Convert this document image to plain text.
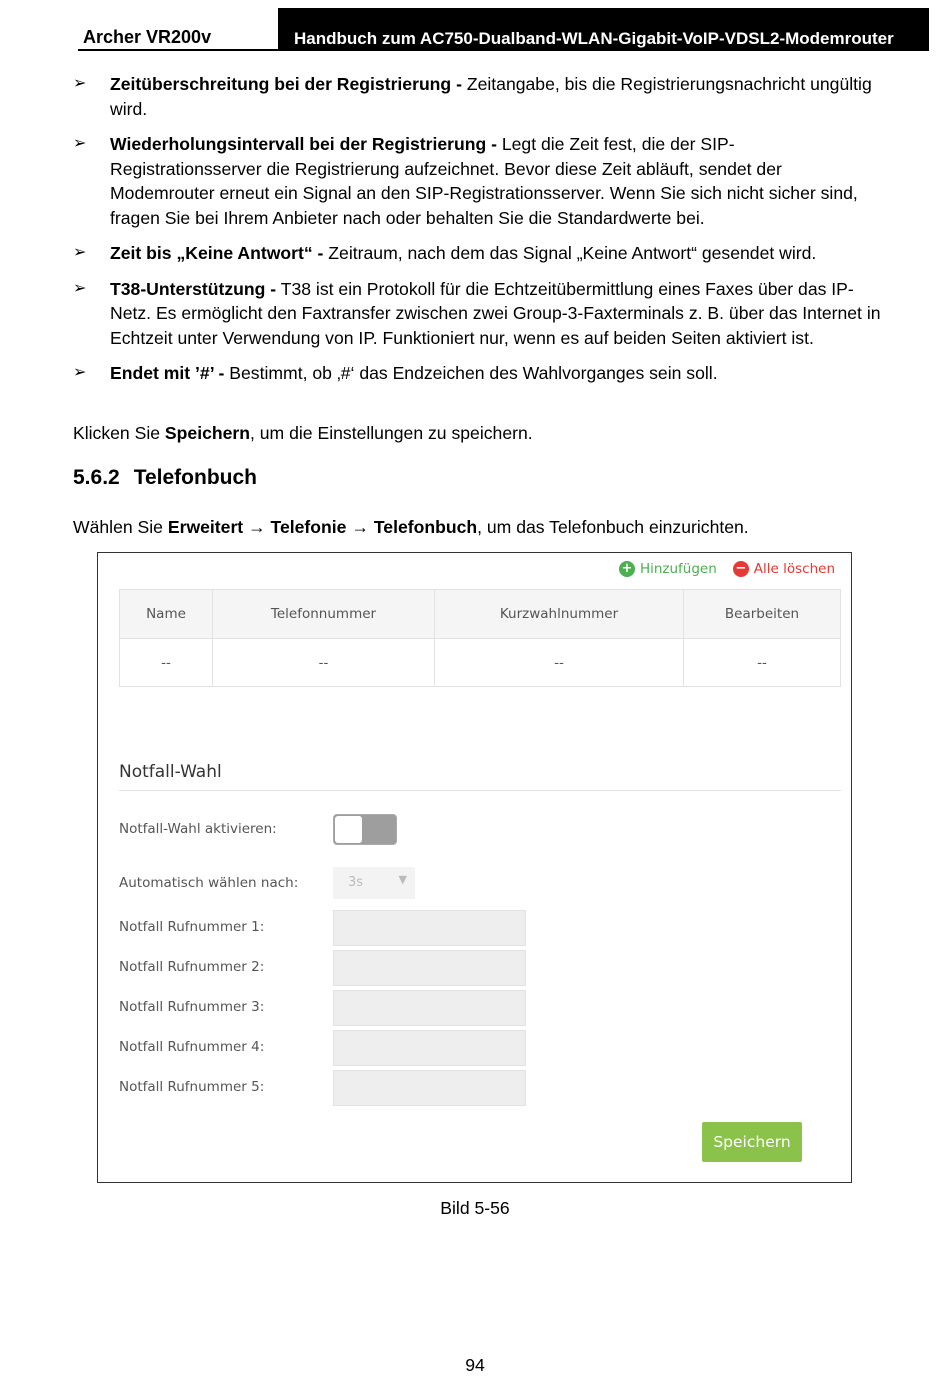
Archer VR200v	Handbuch zum AC750-Dualband-WLAN-Gigabit-VoIP-VDSL2-Modemrouter
➢ Zeitüberschreitung bei der Registrierung - Zeitangabe, bis die Registrierungsnachricht ungültig wird.
➢ Wiederholungsintervall bei der Registrierung - Legt die Zeit fest, die der SIP-Registrationsserver die Registrierung aufzeichnet. Bevor diese Zeit abläuft, sendet der Modemrouter erneut ein Signal an den SIP-Registrationsserver. Wenn Sie sich nicht sicher sind, fragen Sie bei Ihrem Anbieter nach oder behalten Sie die Standardwerte bei.
➢ Zeit bis „Keine Antwort“ - Zeitraum, nach dem das Signal „Keine Antwort“ gesendet wird.
➢ T38-Unterstützung - T38 ist ein Protokoll für die Echtzeitübermittlung eines Faxes über das IP-Netz. Es ermöglicht den Faxtransfer zwischen zwei Group-3-Faxterminals z. B. über das Internet in Echtzeit unter Verwendung von IP. Funktioniert nur, wenn es auf beiden Seiten aktiviert ist.
➢ Endet mit ’#’ - Bestimmt, ob ‚#‘ das Endzeichen des Wahlvorganges sein soll.

Klicken Sie Speichern, um die Einstellungen zu speichern.

5.6.2 Telefonbuch

Wählen Sie Erweitert → Telefonie → Telefonbuch, um das Telefonbuch einzurichten.

+ Hinzufügen − Alle löschen
Name	Telefonnummer	Kurzwahlnummer	Bearbeiten
--	--	--	--
Notfall-Wahl
Notfall-Wahl aktivieren:
Automatisch wählen nach:	3s	▼
Notfall Rufnummer 1:
Notfall Rufnummer 2:
Notfall Rufnummer 3:
Notfall Rufnummer 4:
Notfall Rufnummer 5:
Speichern
Bild 5-56
94
